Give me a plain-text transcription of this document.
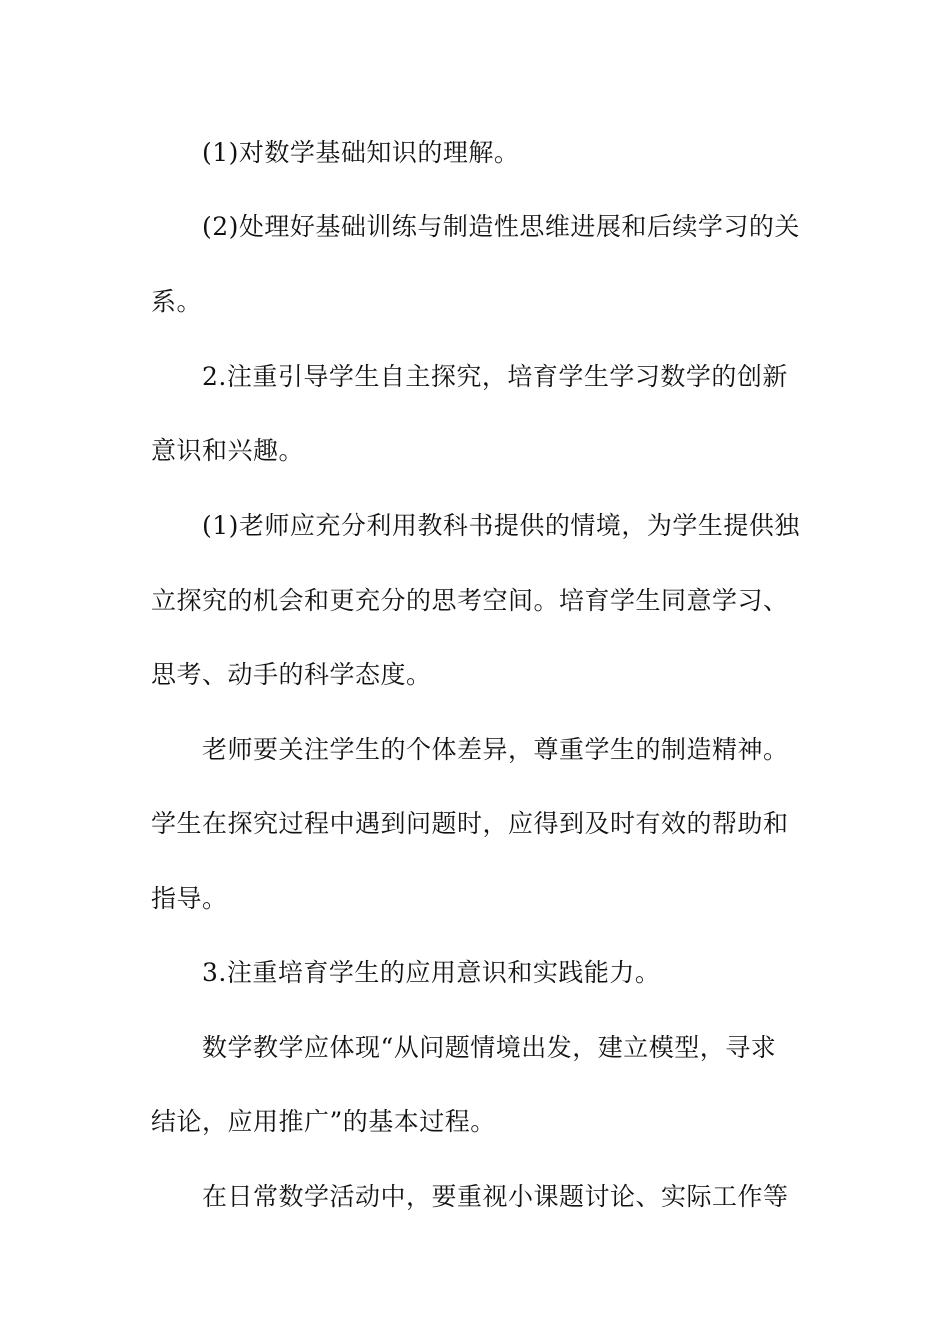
(1)对数学基础知识的理解。
(2)处理好基础训练与制造性思维进展和后续学习的关
系。
2.注重引导学生自主探究，培育学生学习数学的创新
意识和兴趣。
(1)老师应充分利用教科书提供的情境，为学生提供独
立探究的机会和更充分的思考空间。培育学生同意学习、
思考、动手的科学态度。
老师要关注学生的个体差异，尊重学生的制造精神。
学生在探究过程中遇到问题时，应得到及时有效的帮助和
指导。
3.注重培育学生的应用意识和实践能力。
数学教学应体现“从问题情境出发，建立模型，寻求
结论，应用推广”的基本过程。
在日常数学活动中，要重视小课题讨论、实际工作等
